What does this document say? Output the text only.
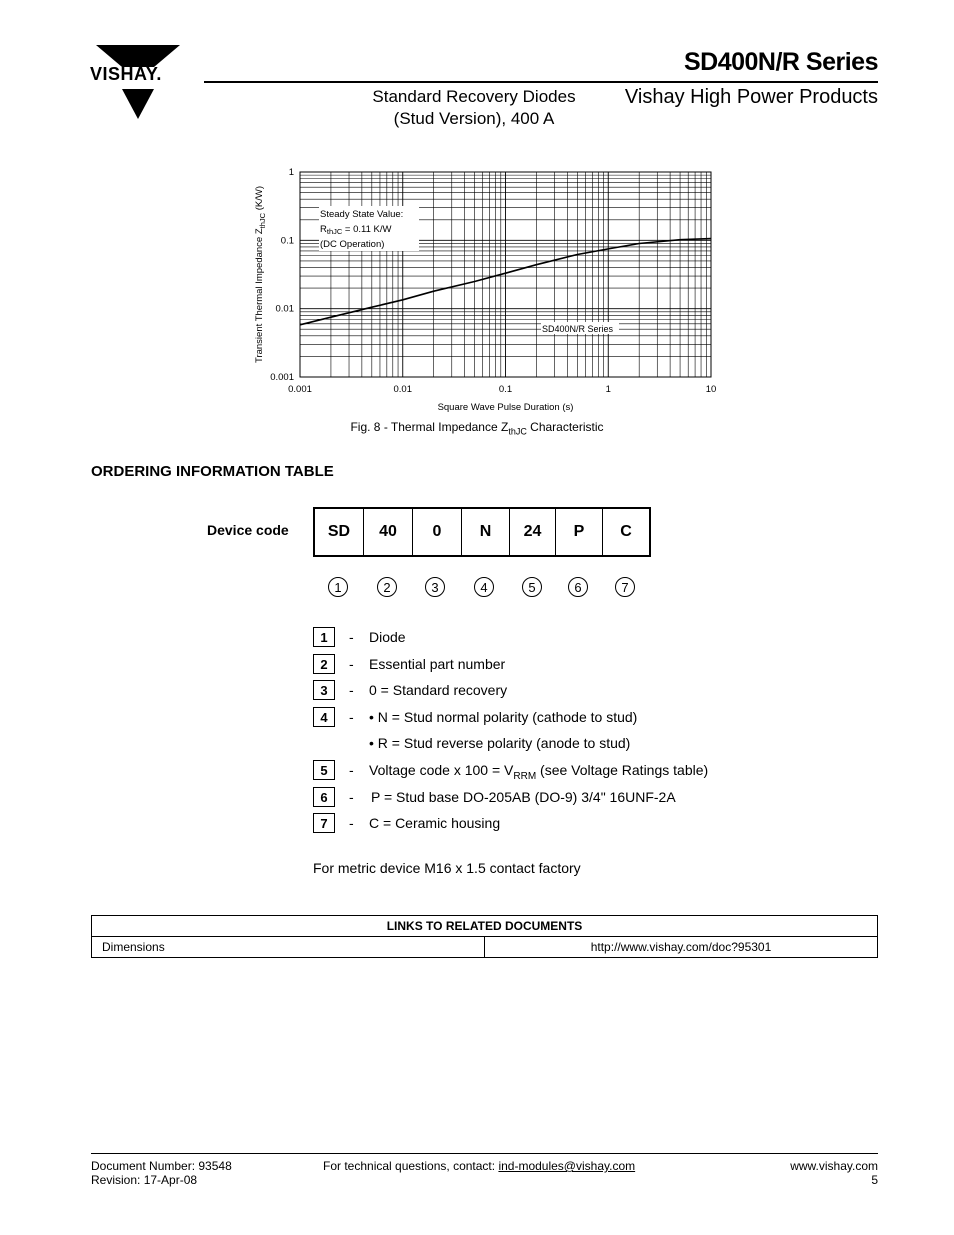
VISHAY.	SD400N/R Series
Standard Recovery Diodes
(Stud Version), 400 A
Vishay High Power Products
0.001	0.01	0.1	1	10
0.001
0.01
0.1
1
Square Wave Pulse Duration (s)
Transient Thermal Impedance $Z_{thJC}$ (K/W)
Steady State Value:
$R_{thJC} = 0.11$ K/W
(DC Operation)
SD400N/R Series
Fig. 8 - Thermal Impedance $Z_{thJC}$ Characteristic
ORDERING INFORMATION TABLE
Device code	SD	40	0	N	24	P	C
1	2	3	4	5	6	7
1	- Diode
2	- Essential part number
3	- 0 = Standard recovery
4	- • N = Stud normal polarity (cathode to stud)
• R = Stud reverse polarity (anode to stud)
5	- Voltage code x $100 = V_{RRM}$ (see Voltage Ratings table)
6	- P = Stud base DO-205AB (DO-9) 3/4" 16UNF-2A
7	- C = Ceramic housing
For metric device M16 x 1.5 contact factory
LINKS TO RELATED DOCUMENTS
Dimensions	http://www.vishay.com/doc?95301
Document Number: 93548
Revision: 17-Apr-08
For technical questions, contact: ind-modules@vishay.com	www.vishay.com
5
